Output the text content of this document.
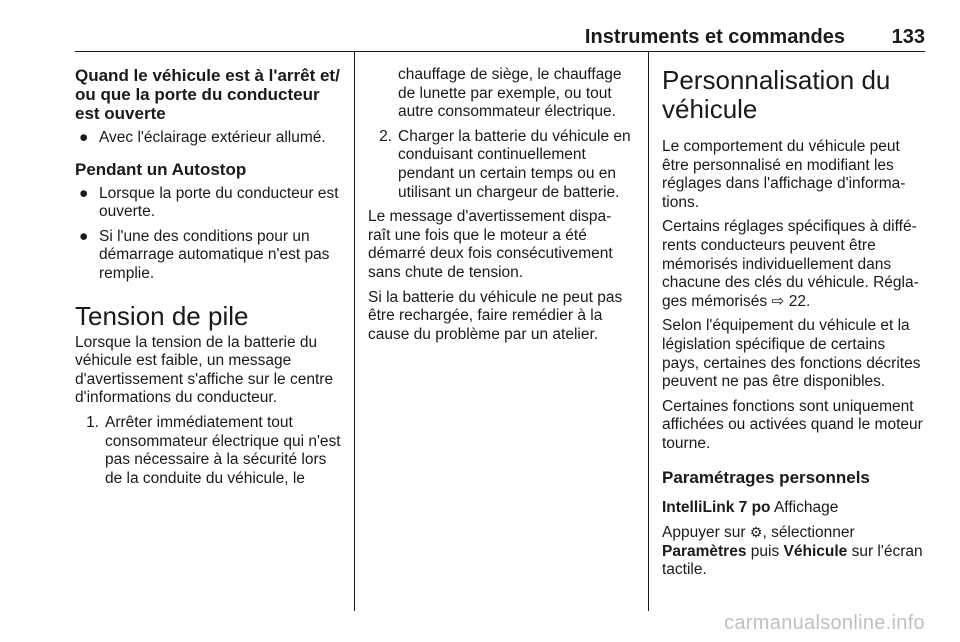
Instruments et commandes 133
Quand le véhicule est à l'arrêt et/ ou que la porte du conducteur est ouverte
● Avec l'éclairage extérieur allumé.
Pendant un Autostop
● Lorsque la porte du conducteur est ouverte.
● Si l'une des conditions pour un démarrage automatique n'est pas remplie.
Tension de pile

Lorsque la tension de la batterie du véhicule est faible, un message d'avertissement s'affiche sur le centre d'informations du conducteur.

1. Arrêter immédiatement tout consommateur électrique qui n'est pas nécessaire à la sécurité lors de la conduite du véhicule, le
chauffage de siège, le chauffage de lunette par exemple, ou tout autre consommateur électrique.
2. Charger la batterie du véhicule en conduisant continuellement pendant un certain temps ou en utilisant un chargeur de batterie.

Le message d'avertissement dispa- raît une fois que le moteur a été démarré deux fois consécutivement sans chute de tension.

Si la batterie du véhicule ne peut pas être rechargée, faire remédier à la cause du problème par un atelier.

Personnalisation du véhicule

Le comportement du véhicule peut être personnalisé en modifiant les réglages dans l'affichage d'informa- tions.

Certains réglages spécifiques à diffé- rents conducteurs peuvent être mémorisés individuellement dans chacune des clés du véhicule. Régla- ges mémorisés ⇨ 22.

Selon l'équipement du véhicule et la législation spécifique de certains pays, certaines des fonctions décrites peuvent ne pas être disponibles.

Certaines fonctions sont uniquement affichées ou activées quand le moteur tourne.

Paramétrages personnels

IntelliLink 7 po Affichage

Appuyer sur ⚙, sélectionner Paramètres puis Véhicule sur l'écran tactile.

carmanualsonline.info
